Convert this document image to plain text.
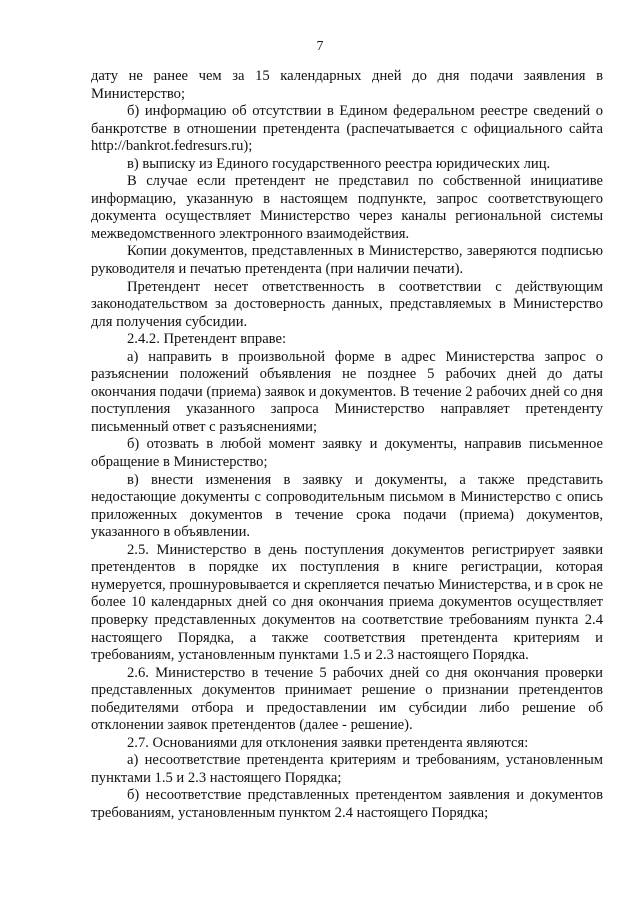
7

дату не ранее чем за 15 календарных дней до дня подачи заявления в Министерство;

б) информацию об отсутствии в Едином федеральном реестре сведений о банкротстве в отношении претендента (распечатывается с официального сайта http://bankrot.fedresurs.ru);

в) выписку из Единого государственного реестра юридических лиц.

В случае если претендент не представил по собственной инициативе информацию, указанную в настоящем подпункте, запрос соответствующего документа осуществляет Министерство через каналы региональной системы межведомственного электронного взаимодействия.

Копии документов, представленных в Министерство, заверяются подписью руководителя и печатью претендента (при наличии печати).

Претендент несет ответственность в соответствии с действующим законодательством за достоверность данных, представляемых в Министерство для получения субсидии.

2.4.2. Претендент вправе:

а) направить в произвольной форме в адрес Министерства запрос о разъяснении положений объявления не позднее 5 рабочих дней до даты окончания подачи (приема) заявок и документов. В течение 2 рабочих дней со дня поступления указанного запроса Министерство направляет претенденту письменный ответ с разъяснениями;

б) отозвать в любой момент заявку и документы, направив письменное обращение в Министерство;

в) внести изменения в заявку и документы, а также представить недостающие документы с сопроводительным письмом в Министерство с опись приложенных документов в течение срока подачи (приема) документов, указанного в объявлении.

2.5. Министерство в день поступления документов регистрирует заявки претендентов в порядке их поступления в книге регистрации, которая нумеруется, прошнуровывается и скрепляется печатью Министерства, и в срок не более 10 календарных дней со дня окончания приема документов осуществляет проверку представленных документов на соответствие требованиям пункта 2.4 настоящего Порядка, а также соответствия претендента критериям и требованиям, установленным пунктами 1.5 и 2.3 настоящего Порядка.

2.6. Министерство в течение 5 рабочих дней со дня окончания проверки представленных документов принимает решение о признании претендентов победителями отбора и предоставлении им субсидии либо решение об отклонении заявок претендентов (далее - решение).

2.7. Основаниями для отклонения заявки претендента являются:

а) несоответствие претендента критериям и требованиям, установленным пунктами 1.5 и 2.3 настоящего Порядка;

б) несоответствие представленных претендентом заявления и документов требованиям, установленным пунктом 2.4 настоящего Порядка;
